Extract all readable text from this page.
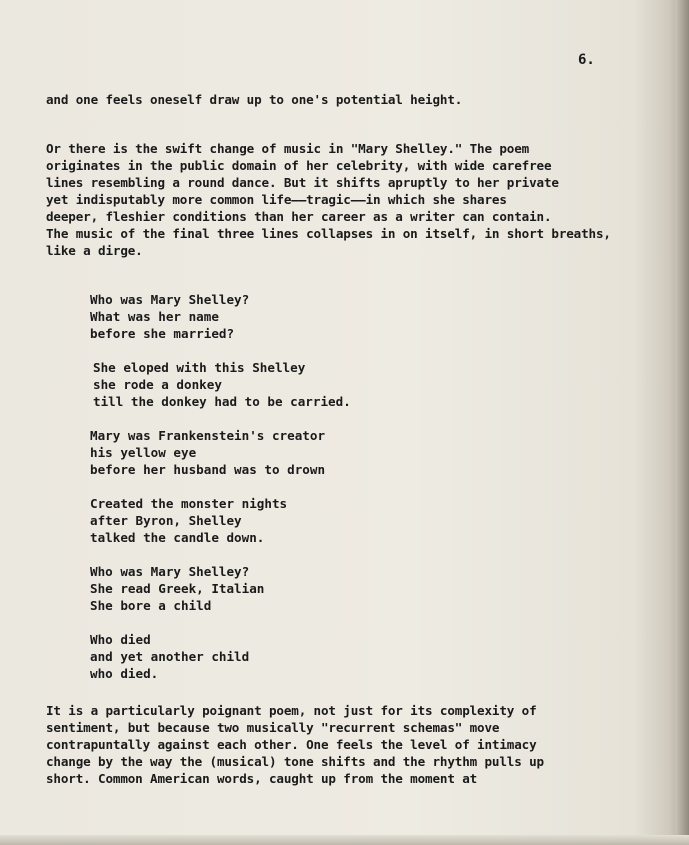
6.
and one feels oneself draw up to one's potential height.
Or there is the swift change of music in "Mary Shelley." The poem
originates in the public domain of her celebrity, with wide carefree
lines resembling a round dance. But it shifts apruptly to her private
yet indisputably more common life——tragic——in which she shares
deeper, fleshier conditions than her career as a writer can contain.
The music of the final three lines collapses in on itself, in short breaths,
like a dirge.
Who was Mary Shelley?
What was her name
before she married?
She eloped with this Shelley
she rode a donkey
till the donkey had to be carried.
Mary was Frankenstein's creator
his yellow eye
before her husband was to drown
Created the monster nights
after Byron, Shelley
talked the candle down.
Who was Mary Shelley?
She read Greek, Italian
She bore a child
Who died
and yet another child
who died.
It is a particularly poignant poem, not just for its complexity of
sentiment, but because two musically "recurrent schemas" move
contrapuntally against each other. One feels the level of intimacy
change by the way the (musical) tone shifts and the rhythm pulls up
short. Common American words, caught up from the moment at
